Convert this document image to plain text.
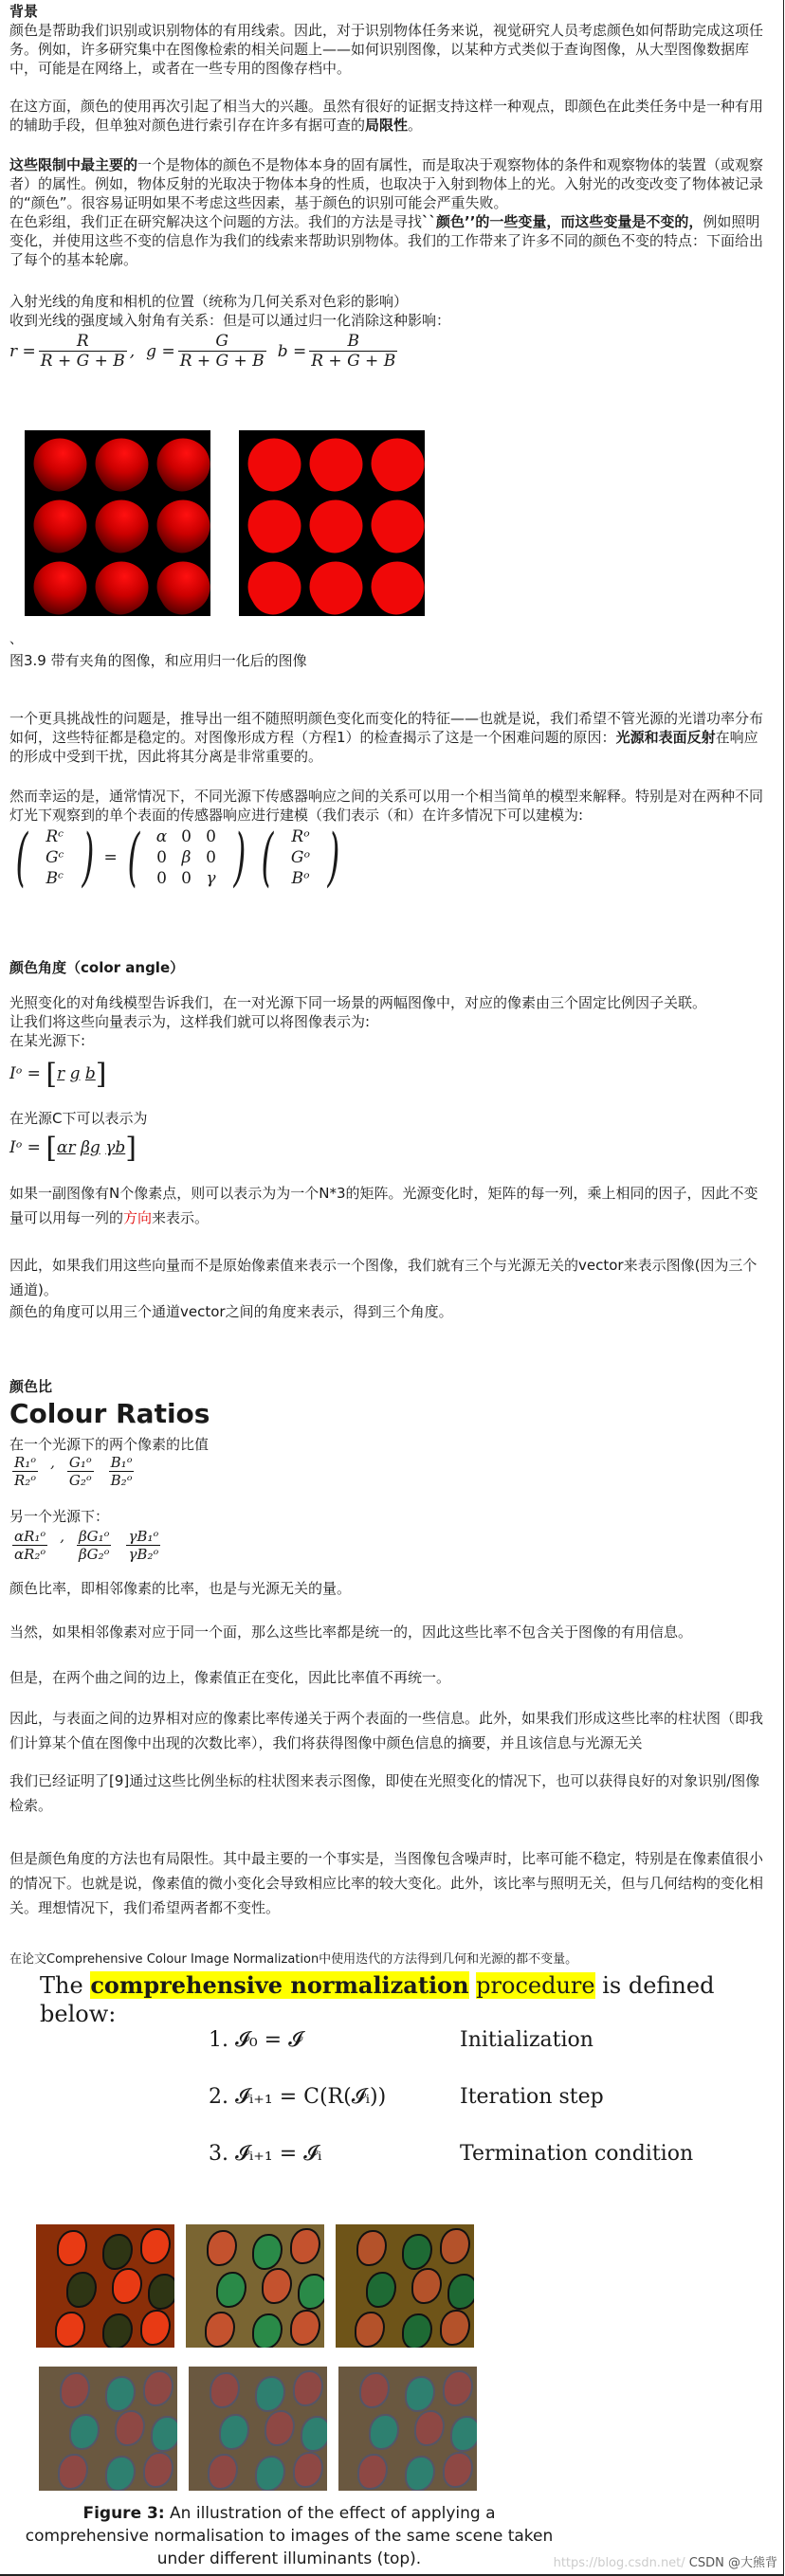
背景

颜色是帮助我们识别或识别物体的有用线索。因此，对于识别物体任务来说，视觉研究人员考虑颜色如何帮助完成这项任务。例如，许多研究集中在图像检索的相关问题上——如何识别图像，以某种方式类似于查询图像，从大型图像数据库中，可能是在网络上，或者在一些专用的图像存档中。

在这方面，颜色的使用再次引起了相当大的兴趣。虽然有很好的证据支持这样一种观点，即颜色在此类任务中是一种有用的辅助手段，但单独对颜色进行索引存在许多有据可查的局限性。

这些限制中最主要的一个是物体的颜色不是物体本身的固有属性，而是取决于观察物体的条件和观察物体的装置（或观察者）的属性。例如，物体反射的光取决于物体本身的性质，也取决于入射到物体上的光。入射光的改变改变了物体被记录的“颜色”。很容易证明如果不考虑这些因素，基于颜色的识别可能会严重失败。

在色彩组，我们正在研究解决这个问题的方法。我们的方法是寻找``颜色’’的一些变量，而这些变量是不变的，例如照明变化，并使用这些不变的信息作为我们的线索来帮助识别物体。我们的工作带来了许多不同的颜色不变的特点：下面给出了每个的基本轮廓。

入射光线的角度和相机的位置（统称为几何关系对色彩的影响）

收到光线的强度域入射角有关系：但是可以通过归一化消除这种影响：

$r = \frac{R}{R + G + B}$ , $g = \frac{G}{R + G + B}$ $b = \frac{B}{R + G + B}$
、
图3.9 带有夹角的图像，和应用归一化后的图像

一个更具挑战性的问题是，推导出一组不随照明颜色变化而变化的特征——也就是说，我们希望不管光源的光谱功率分布如何，这些特征都是稳定的。对图像形成方程（方程1）的检查揭示了这是一个困难问题的原因：光源和表面反射在响应的形成中受到干扰，因此将其分离是非常重要的。

然而幸运的是，通常情况下，不同光源下传感器响应之间的关系可以用一个相当简单的模型来解释。特别是对在两种不同灯光下观察到的单个表面的传感器响应进行建模（我们表示（和）在许多情况下可以建模为:

(	Rᶜ
Gᶜ
Bᶜ ) = (	α 0 0
0 β 0
0 0 γ ) (	Rᵒ
Gᵒ
Bᵒ )
颜色角度（color angle）

光照变化的对角线模型告诉我们，在一对光源下同一场景的两幅图像中，对应的像素由三个固定比例因子关联。

让我们将这些向量表示为，这样我们就可以将图像表示为:

在某光源下:

Iᵒ = [r g b]

在光源C下可以表示为

Iᵒ = [αr βg γb]

如果一副图像有N个像素点，则可以表示为为一个N*3的矩阵。光源变化时，矩阵的每一列，乘上相同的因子，因此不变量可以用每一列的方向来表示。

因此，如果我们用这些向量而不是原始像素值来表示一个图像，我们就有三个与光源无关的vector来表示图像(因为三个通道)。

颜色的角度可以用三个通道vector之间的角度来表示，得到三个角度。

颜色比
Colour Ratios

在一个光源下的两个像素的比值

$\frac{\text{R₁ᵒ}}{\text{R₂ᵒ}}$ , $\frac{\text{G₁ᵒ}}{\text{G₂ᵒ}} \frac{\text{B₁ᵒ}}{\text{B₂ᵒ}}$

另一个光源下：

$\frac{\text{αR₁ᵒ}}{\text{αR₂ᵒ}}$ , $\frac{\text{βG₁ᵒ}}{\text{βG₂ᵒ}} \frac{\text{γB₁ᵒ}}{\text{γB₂ᵒ}}$

颜色比率，即相邻像素的比率，也是与光源无关的量。

当然，如果相邻像素对应于同一个面，那么这些比率都是统一的，因此这些比率不包含关于图像的有用信息。

但是，在两个曲之间的边上，像素值正在变化，因此比率值不再统一。

因此，与表面之间的边界相对应的像素比率传递关于两个表面的一些信息。此外，如果我们形成这些比率的柱状图（即我们计算某个值在图像中出现的次数比率），我们将获得图像中颜色信息的摘要，并且该信息与光源无关

我们已经证明了[9]通过这些比例坐标的柱状图来表示图像，即使在光照变化的情况下，也可以获得良好的对象识别/图像检索。

但是颜色角度的方法也有局限性。其中最主要的一个事实是，当图像包含噪声时，比率可能不稳定，特别是在像素值很小的情况下。也就是说，像素值的微小变化会导致相应比率的较大变化。此外，该比率与照明无关，但与几何结构的变化相关。理想情况下，我们希望两者都不变性。

在论文Comprehensive Colour Image Normalization中使用迭代的方法得到几何和光源的都不变量。
The comprehensive normalization procedure is defined below:
1. 𝓘₀ = 𝓘	Initialization
2. 𝓘ᵢ₊₁ = C(R(𝓘ᵢ))	Iteration step
3. 𝓘ᵢ₊₁ = 𝓘ᵢ	Termination condition
Figure 3: An illustration of the effect of applying a comprehensive normalisation to images of the same scene taken under different illuminants (top).	https://blog.csdn.net/ CSDN @大熊背
